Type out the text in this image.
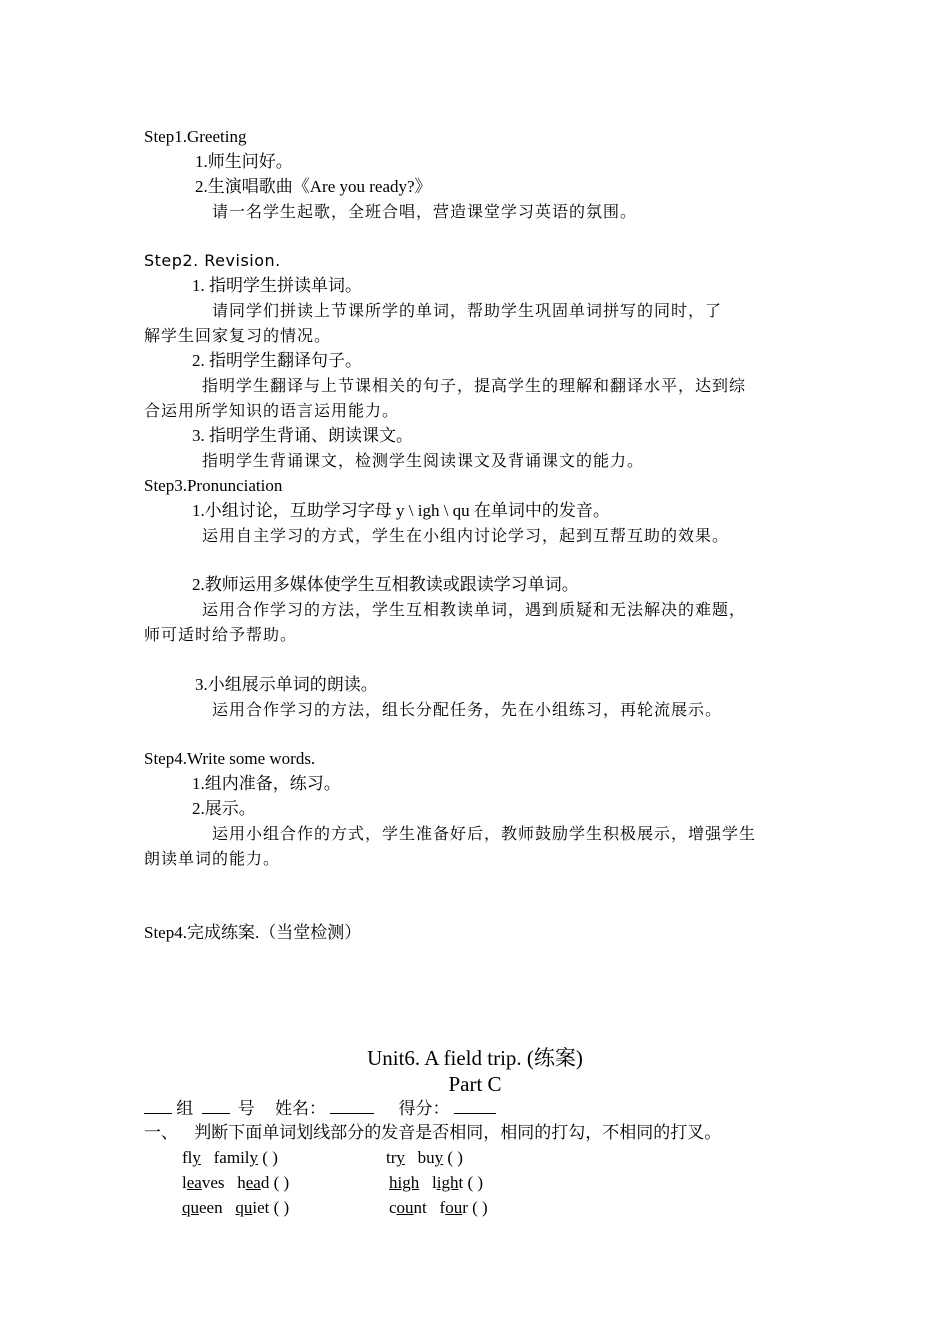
Step1.Greeting
1.师生问好。
2.生演唱歌曲《Are you ready?》
请一名学生起歌，全班合唱，营造课堂学习英语的氛围。
Step2. Revision.
1. 指明学生拼读单词。
请同学们拼读上节课所学的单词，帮助学生巩固单词拼写的同时，了
解学生回家复习的情况。
2. 指明学生翻译句子。
指明学生翻译与上节课相关的句子，提高学生的理解和翻译水平，达到综
合运用所学知识的语言运用能力。
3. 指明学生背诵、朗读课文。
指明学生背诵课文，检测学生阅读课文及背诵课文的能力。
Step3.Pronunciation
1.小组讨论，互助学习字母 y \ igh \ qu 在单词中的发音。
运用自主学习的方式，学生在小组内讨论学习，起到互帮互助的效果。
2.教师运用多媒体使学生互相教读或跟读学习单词。
运用合作学习的方法，学生互相教读单词，遇到质疑和无法解决的难题，
师可适时给予帮助。
3.小组展示单词的朗读。
运用合作学习的方法，组长分配任务，先在小组练习，再轮流展示。
Step4.Write some words.
1.组内准备，练习。
2.展示。
运用小组合作的方式，学生准备好后，教师鼓励学生积极展示，增强学生
朗读单词的能力。
Step4.完成练案.（当堂检测）
Unit6. A field trip. (练案)
Part C
组	号 姓名：	得分：
一、 判断下面单词划线部分的发音是否相同，相同的打勾，不相同的打叉。
fly family ( )	try buy ( )
leaves head ( )	high light ( )
queen quiet ( )	count four ( )
